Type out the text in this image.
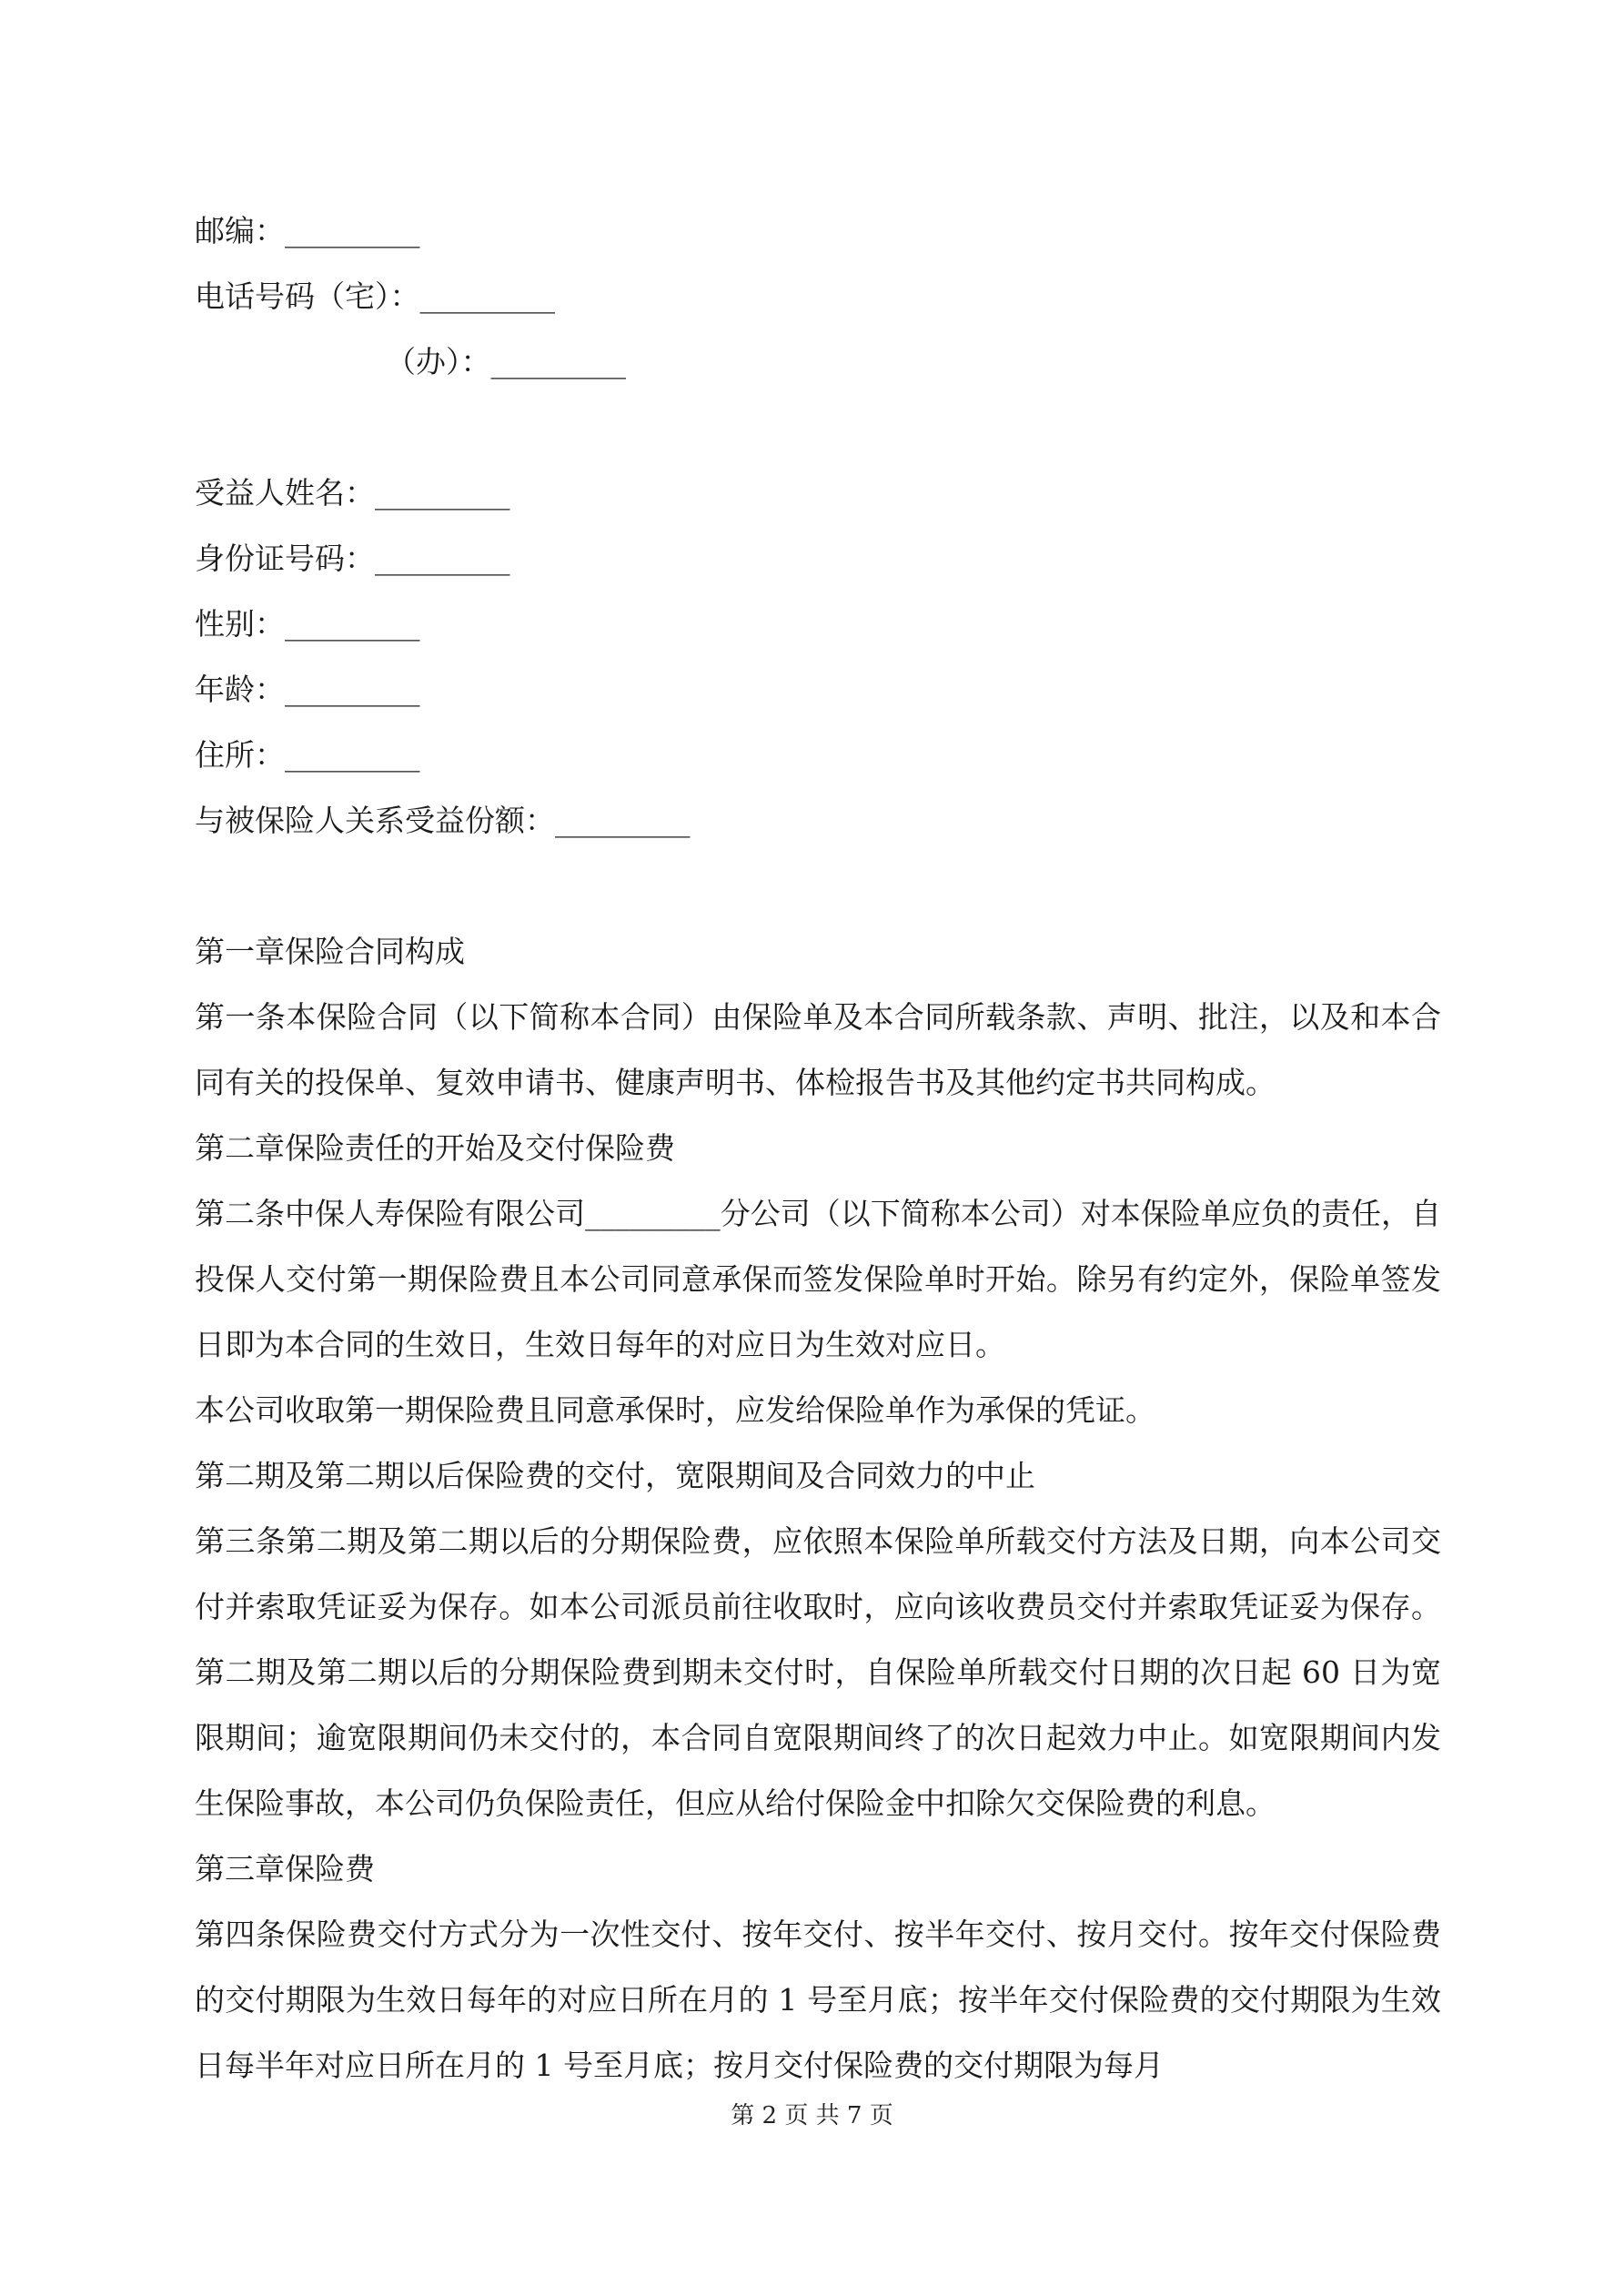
邮编：_________

电话号码（宅）：_________

（办）：_________

受益人姓名：_________

身份证号码：_________

性别：_________

年龄：_________

住所：_________

与被保险人关系受益份额：_________

第一章保险合同构成

第一条本保险合同（以下简称本合同）由保险单及本合同所载条款、声明、批注，以及和本合同有关的投保单、复效申请书、健康声明书、体检报告书及其他约定书共同构成。

第二章保险责任的开始及交付保险费

第二条中保人寿保险有限公司_________分公司（以下简称本公司）对本保险单应负的责任，自投保人交付第一期保险费且本公司同意承保而签发保险单时开始。除另有约定外，保险单签发日即为本合同的生效日，生效日每年的对应日为生效对应日。

本公司收取第一期保险费且同意承保时，应发给保险单作为承保的凭证。

第二期及第二期以后保险费的交付，宽限期间及合同效力的中止

第三条第二期及第二期以后的分期保险费，应依照本保险单所载交付方法及日期，向本公司交付并索取凭证妥为保存。如本公司派员前往收取时，应向该收费员交付并索取凭证妥为保存。第二期及第二期以后的分期保险费到期未交付时，自保险单所载交付日期的次日起 60 日为宽限期间；逾宽限期间仍未交付的，本合同自宽限期间终了的次日起效力中止。如宽限期间内发生保险事故，本公司仍负保险责任，但应从给付保险金中扣除欠交保险费的利息。

第三章保险费

第四条保险费交付方式分为一次性交付、按年交付、按半年交付、按月交付。按年交付保险费的交付期限为生效日每年的对应日所在月的 1 号至月底；按半年交付保险费的交付期限为生效日每半年对应日所在月的 1 号至月底；按月交付保险费的交付期限为每月

第 2 页 共 7 页
